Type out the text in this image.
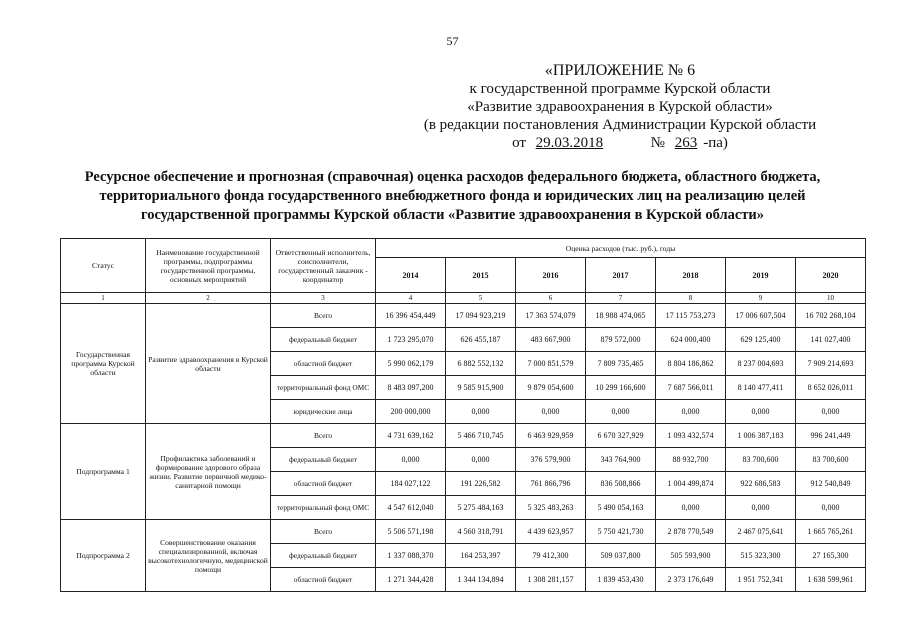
57
«ПРИЛОЖЕНИЕ № 6
к государственной программе Курской области
«Развитие здравоохранения в Курской области»
(в редакции постановления Администрации Курской области
от 29.03.2018	№ 263 -па)
Ресурсное обеспечение и прогнозная (справочная) оценка расходов федерального бюджета, областного бюджета,
территориального фонда государственного внебюджетного фонда и юридических лиц на реализацию целей
государственной программы Курской области «Развитие здравоохранения в Курской области»
Статус	Наименование государственной программы, подпрограммы государственной программы, основных мероприятий	Ответственный исполнитель, соисполнители, государственный заказчик - координатор	Оценка расходов (тыс. руб.), годы						
			2014	2015	2016	2017	2018	2019	2020
1	2	3	4	5	6	7	8	9	10
Государственная программа Курской области	Развитие здравоохранения в Курской области	Всего	16 396 454,449	17 094 923,219	17 363 574,079	18 988 474,065	17 115 753,273	17 006 607,504	16 702 268,104
		федеральный бюджет	1 723 295,070	626 455,187	483 667,900	879 572,000	624 000,400	629 125,400	141 027,400
		областной бюджет	5 990 062,179	6 882 552,132	7 000 851,579	7 809 735,465	8 804 186,862	8 237 004,693	7 909 214,693
		территориальный фонд ОМС	8 483 097,200	9 585 915,900	9 879 054,600	10 299 166,600	7 687 566,011	8 140 477,411	8 652 026,011
		юридические лица	200 000,000	0,000	0,000	0,000	0,000	0,000	0,000
Подпрограмма 1	Профилактика заболеваний и формирование здорового образа жизни. Развитие первичной медико-санитарной помощи	Всего	4 731 639,162	5 466 710,745	6 463 929,959	6 670 327,929	1 093 432,574	1 006 387,183	996 241,449
		федеральный бюджет	0,000	0,000	376 579,900	343 764,900	88 932,700	83 700,600	83 700,600
		областной бюджет	184 027,122	191 226,582	761 866,796	836 508,866	1 004 499,874	922 686,583	912 540,849
		территориальный фонд ОМС	4 547 612,040	5 275 484,163	5 325 483,263	5 490 054,163	0,000	0,000	0,000
Подпрограмма 2	Совершенствование оказания специализированной, включая высокотехнологичную, медицинской помощи	Всего	5 506 571,198	4 560 318,791	4 439 623,957	5 750 421,730	2 878 770,549	2 467 075,641	1 665 765,261
		федеральный бюджет	1 337 088,370	164 253,397	79 412,300	509 037,800	505 593,900	515 323,300	27 165,300
		областной бюджет	1 271 344,428	1 344 134,894	1 308 281,157	1 839 453,430	2 373 176,649	1 951 752,341	1 638 599,961
